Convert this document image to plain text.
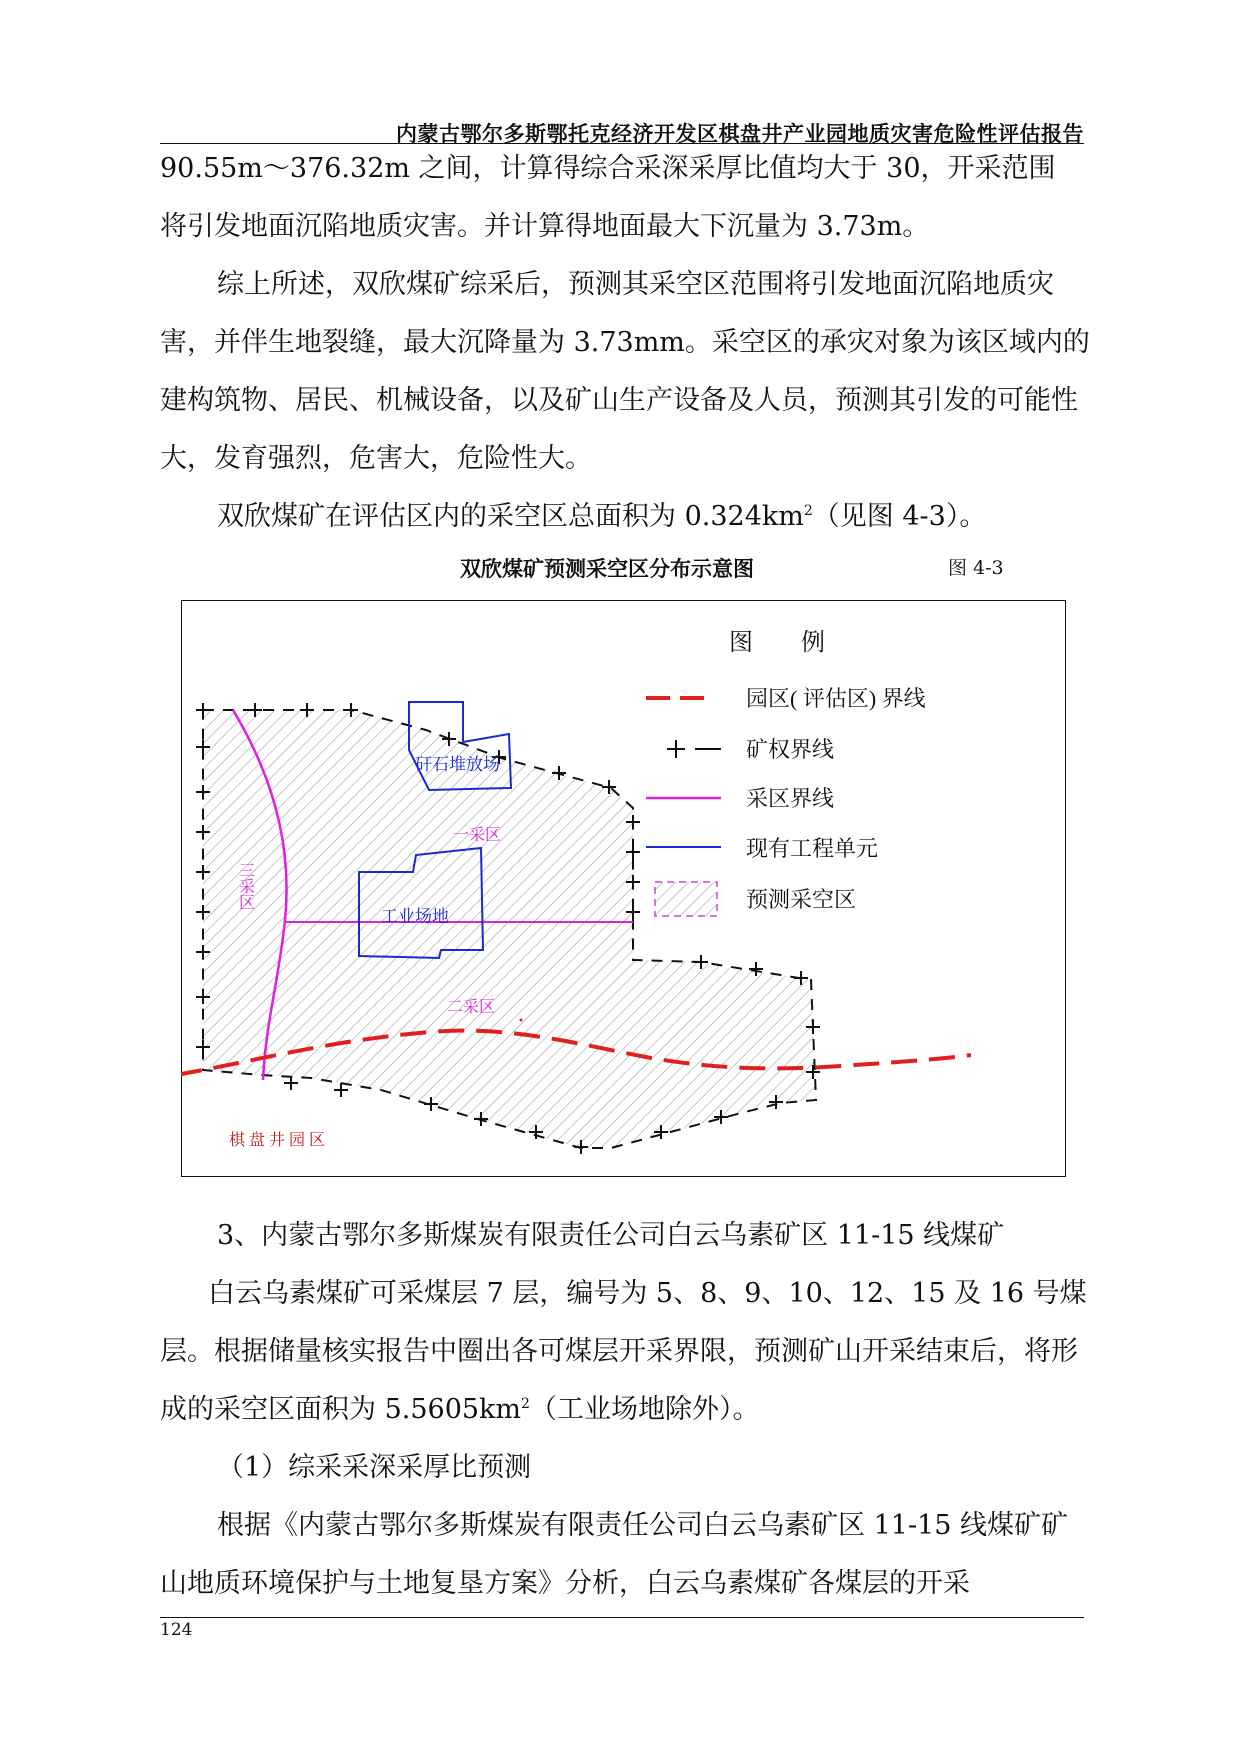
内蒙古鄂尔多斯鄂托克经济开发区棋盘井产业园地质灾害危险性评估报告

90.55m～376.32m 之间，计算得综合采深采厚比值均大于 30，开采范围

将引发地面沉陷地质灾害。并计算得地面最大下沉量为 3.73m。

综上所述，双欣煤矿综采后，预测其采空区范围将引发地面沉陷地质灾害，并伴生地裂缝，最大沉降量为 3.73mm。采空区的承灾对象为该区域内的建构筑物、居民、机械设备，以及矿山生产设备及人员，预测其引发的可能性大，发育强烈，危害大，危险性大。

双欣煤矿在评估区内的采空区总面积为 $0.324km^2$（见图 4-3）。

双欣煤矿预测采空区分布示意图	图 4-3
矸石堆放场
一采区
工业场地
二采区
三采区
棋 盘 井 园 区
图　　例
园区( 评估区) 界线
矿权界线
采区界线
现有工程单元
预测采空区

3、内蒙古鄂尔多斯煤炭有限责任公司白云乌素矿区 11-15 线煤矿

白云乌素煤矿可采煤层 7 层，编号为 5、8、9、10、12、15 及 16 号煤层。根据储量核实报告中圈出各可煤层开采界限，预测矿山开采结束后，将形成的采空区面积为 $5.5605km^2$（工业场地除外）。

（1）综采采深采厚比预测

根据《内蒙古鄂尔多斯煤炭有限责任公司白云乌素矿区 11-15 线煤矿矿山地质环境保护与土地复垦方案》分析，白云乌素煤矿各煤层的开采

124
